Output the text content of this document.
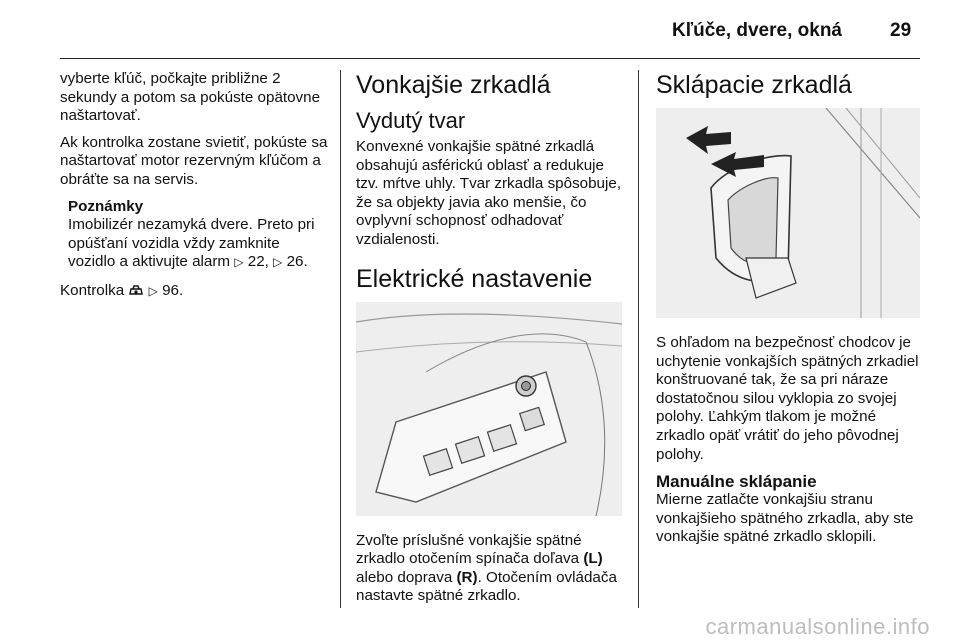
Kľúče, dvere, okná	29

vyberte kľúč, počkajte približne 2 sekundy a potom sa pokúste opätovne naštartovať.

Ak kontrolka zostane svietiť, pokúste sa naštartovať motor rezervným kľúčom a obráťte sa na servis.

Poznámky
Imobilizér nezamyká dvere. Preto pri opúšťaní vozidla vždy zamknite vozidlo a aktivujte alarm ▷ 22, ▷ 26.

Kontrolka ▷ 96.

Vonkajšie zrkadlá
Vydutý tvar

Konvexné vonkajšie spätné zrkadlá obsahujú asférickú oblasť a redukuje tzv. mŕtve uhly. Tvar zrkadla spôsobuje, že sa objekty javia ako menšie, čo ovplyvní schopnosť odhadovať vzdialenosti.

Elektrické nastavenie

Zvoľte príslušné vonkajšie spätné zrkadlo otočením spínača doľava (L) alebo doprava (R). Otočením ovládača nastavte spätné zrkadlo.

Sklápacie zrkadlá

S ohľadom na bezpečnosť chodcov je uchytenie vonkajších spätných zrkadiel konštruované tak, že sa pri náraze dostatočnou silou vyklopia zo svojej polohy. Ľahkým tlakom je možné zrkadlo opäť vrátiť do jeho pôvodnej polohy.

Manuálne sklápanie

Mierne zatlačte vonkajšiu stranu vonkajšieho spätného zrkadla, aby ste vonkajšie spätné zrkadlo sklopili.

carmanualsonline.info
